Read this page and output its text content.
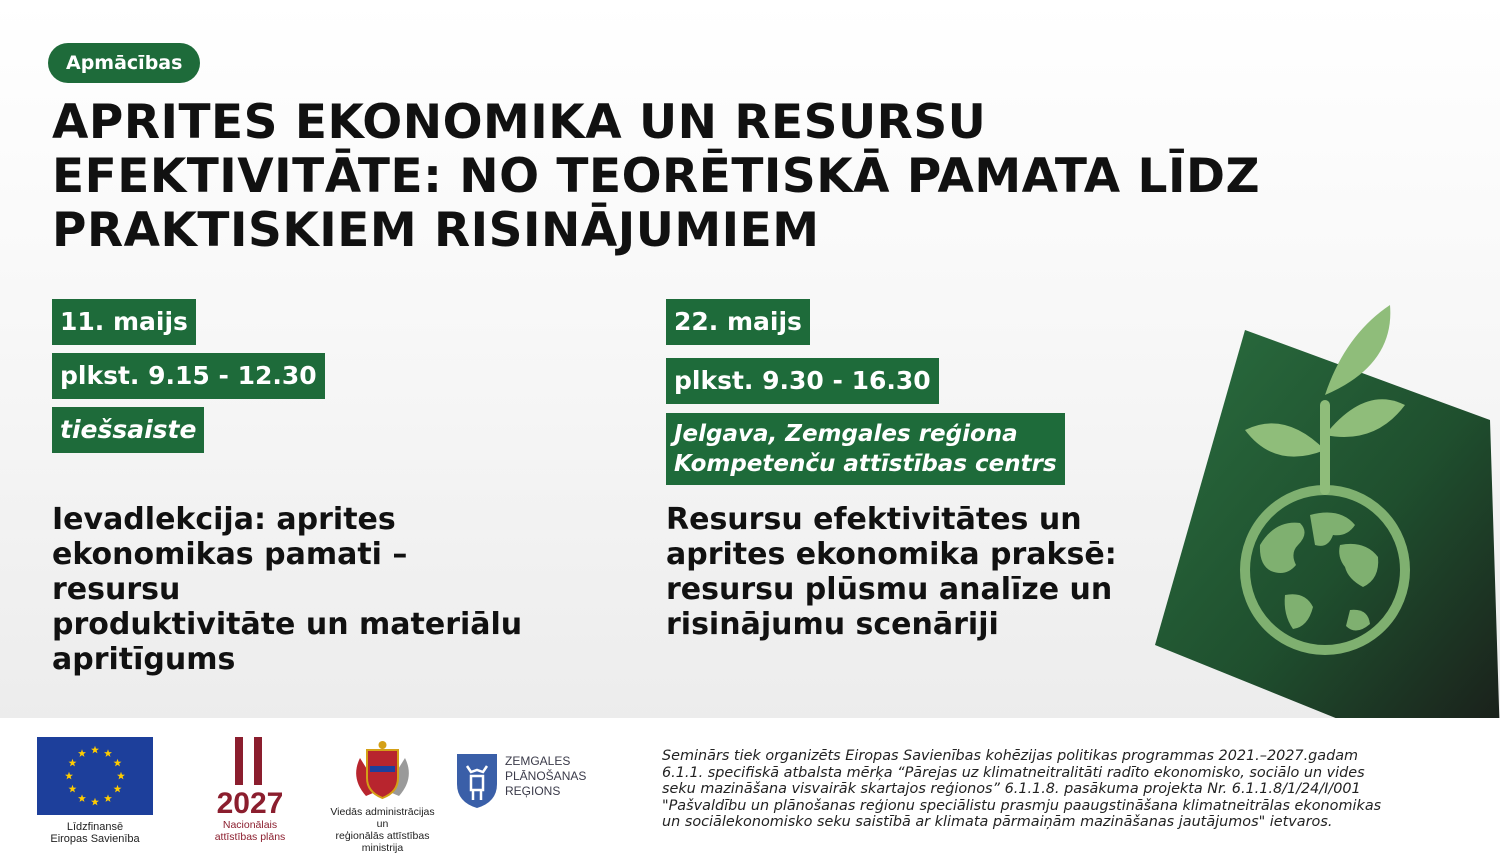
Apmācības
APRITES EKONOMIKA UN RESURSU
EFEKTIVITĀTE: NO TEORĒTISKĀ PAMATA LĪDZ
PRAKTISKIEM RISINĀJUMIEM
11. maijs
plkst. 9.15 - 12.30
tiešsaiste
Ievadlekcija: aprites
ekonomikas pamati –
resursu
produktivitāte un materiālu
apritīgums
22. maijs
plkst. 9.30 - 16.30
Jelgava, Zemgales reģiona
Kompetenču attīstības centrs
Resursu efektivitātes un
aprites ekonomika praksē:
resursu plūsmu analīze un
risinājumu scenāriji
Līdzfinansē
Eiropas Savienība
2027
Nacionālais
attīstības plāns
Viedās administrācijas un
reģionālās attīstības
ministrija
ZEMGALES
PLĀNOŠANAS
REĢIONS
Seminārs tiek organizēts Eiropas Savienības kohēzijas politikas programmas 2021.–2027.gadam
6.1.1. specifiskā atbalsta mērķa “Pārejas uz klimatneitralitāti radīto ekonomisko, sociālo un vides
seku mazināšana visvairāk skartajos reģionos” 6.1.1.8. pasākuma projekta Nr. 6.1.1.8/1/24/I/001
"Pašvaldību un plānošanas reģionu speciālistu prasmju paaugstināšana klimatneitrālas ekonomikas
un sociālekonomisko seku saistībā ar klimata pārmaiņām mazināšanas jautājumos" ietvaros.
